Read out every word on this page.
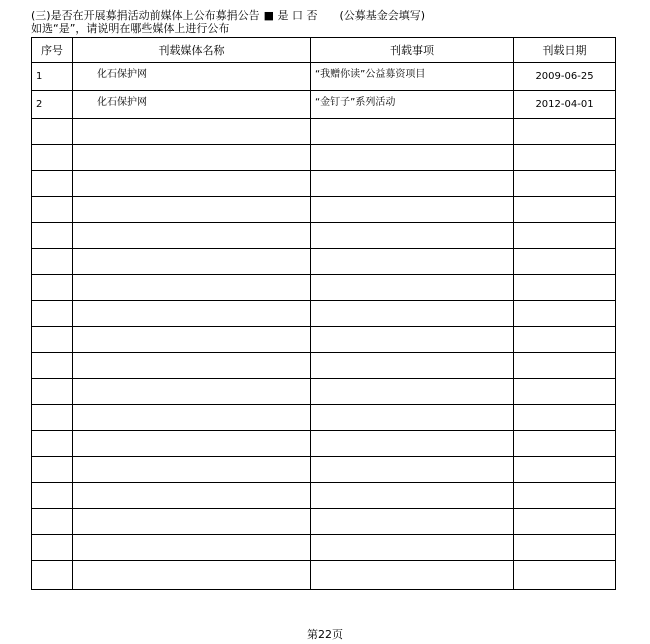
(三)是否在开展募捐活动前媒体上公布募捐公告 ■ 是 口 否 (公募基金会填写)
如选“是”，请说明在哪些媒体上进行公布
序号	刊载媒体名称	刊载事项	刊载日期
1	化石保护网	“我赠你读”公益募资项目	2009-06-25
2	化石保护网	“金钉子”系列活动	2012-04-01

第22页
